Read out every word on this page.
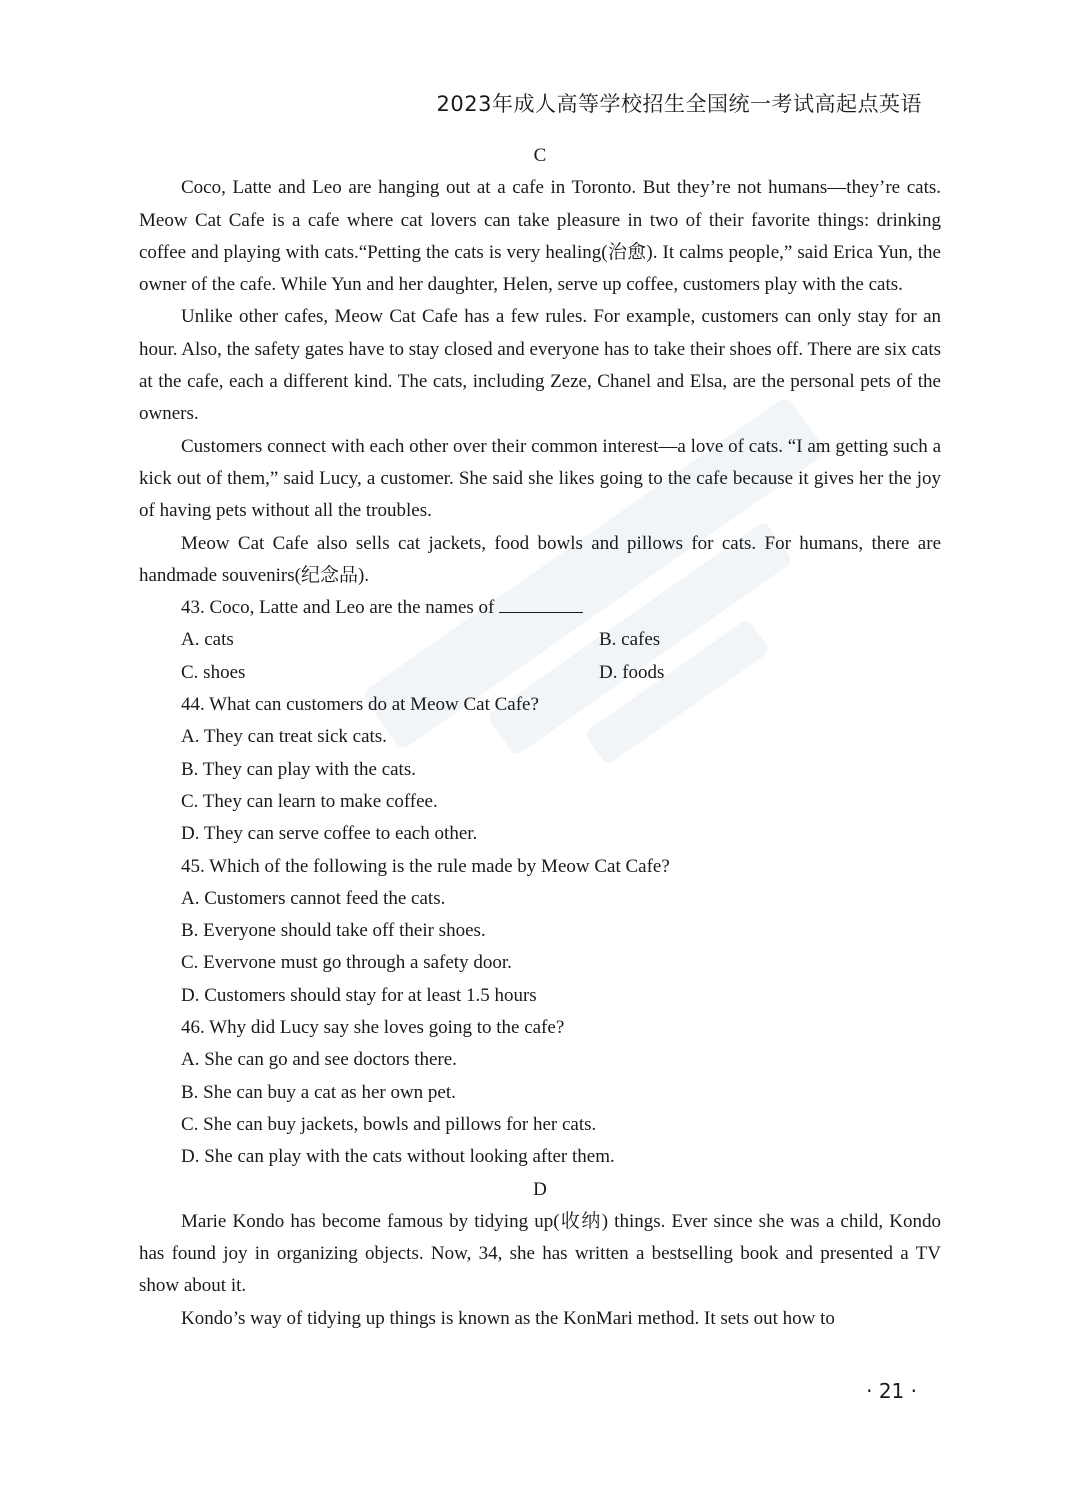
2023年成人高等学校招生全国统一考试高起点英语

C

Coco, Latte and Leo are hanging out at a cafe in Toronto. But they’re not humans—they’re cats. Meow Cat Cafe is a cafe where cat lovers can take pleasure in two of their favorite things: drinking coffee and playing with cats.“Petting the cats is very healing(治愈). It calms people,” said Erica Yun, the owner of the cafe. While Yun and her daughter, Helen, serve up coffee, customers play with the cats.

Unlike other cafes, Meow Cat Cafe has a few rules. For example, customers can only stay for an hour. Also, the safety gates have to stay closed and everyone has to take their shoes off. There are six cats at the cafe, each a different kind. The cats, including Zeze, Chanel and Elsa, are the personal pets of the owners.

Customers connect with each other over their common interest—a love of cats. “I am getting such a kick out of them,” said Lucy, a customer. She said she likes going to the cafe because it gives her the joy of having pets without all the troubles.

Meow Cat Cafe also sells cat jackets, food bowls and pillows for cats. For humans, there are handmade souvenirs(纪念品).

43. Coco, Latte and Leo are the names of

A. cats	B. cafes
C. shoes	D. foods

44. What can customers do at Meow Cat Cafe?

A. They can treat sick cats.

B. They can play with the cats.

C. They can learn to make coffee.

D. They can serve coffee to each other.

45. Which of the following is the rule made by Meow Cat Cafe?

A. Customers cannot feed the cats.

B. Everyone should take off their shoes.

C. Evervone must go through a safety door.

D. Customers should stay for at least 1.5 hours

46. Why did Lucy say she loves going to the cafe?

A. She can go and see doctors there.

B. She can buy a cat as her own pet.

C. She can buy jackets, bowls and pillows for her cats.

D. She can play with the cats without looking after them.

D

Marie Kondo has become famous by tidying up(收纳) things. Ever since she was a child, Kondo has found joy in organizing objects. Now, 34, she has written a bestselling book and presented a TV show about it.

Kondo’s way of tidying up things is known as the KonMari method. It sets out how to

· 21 ·
